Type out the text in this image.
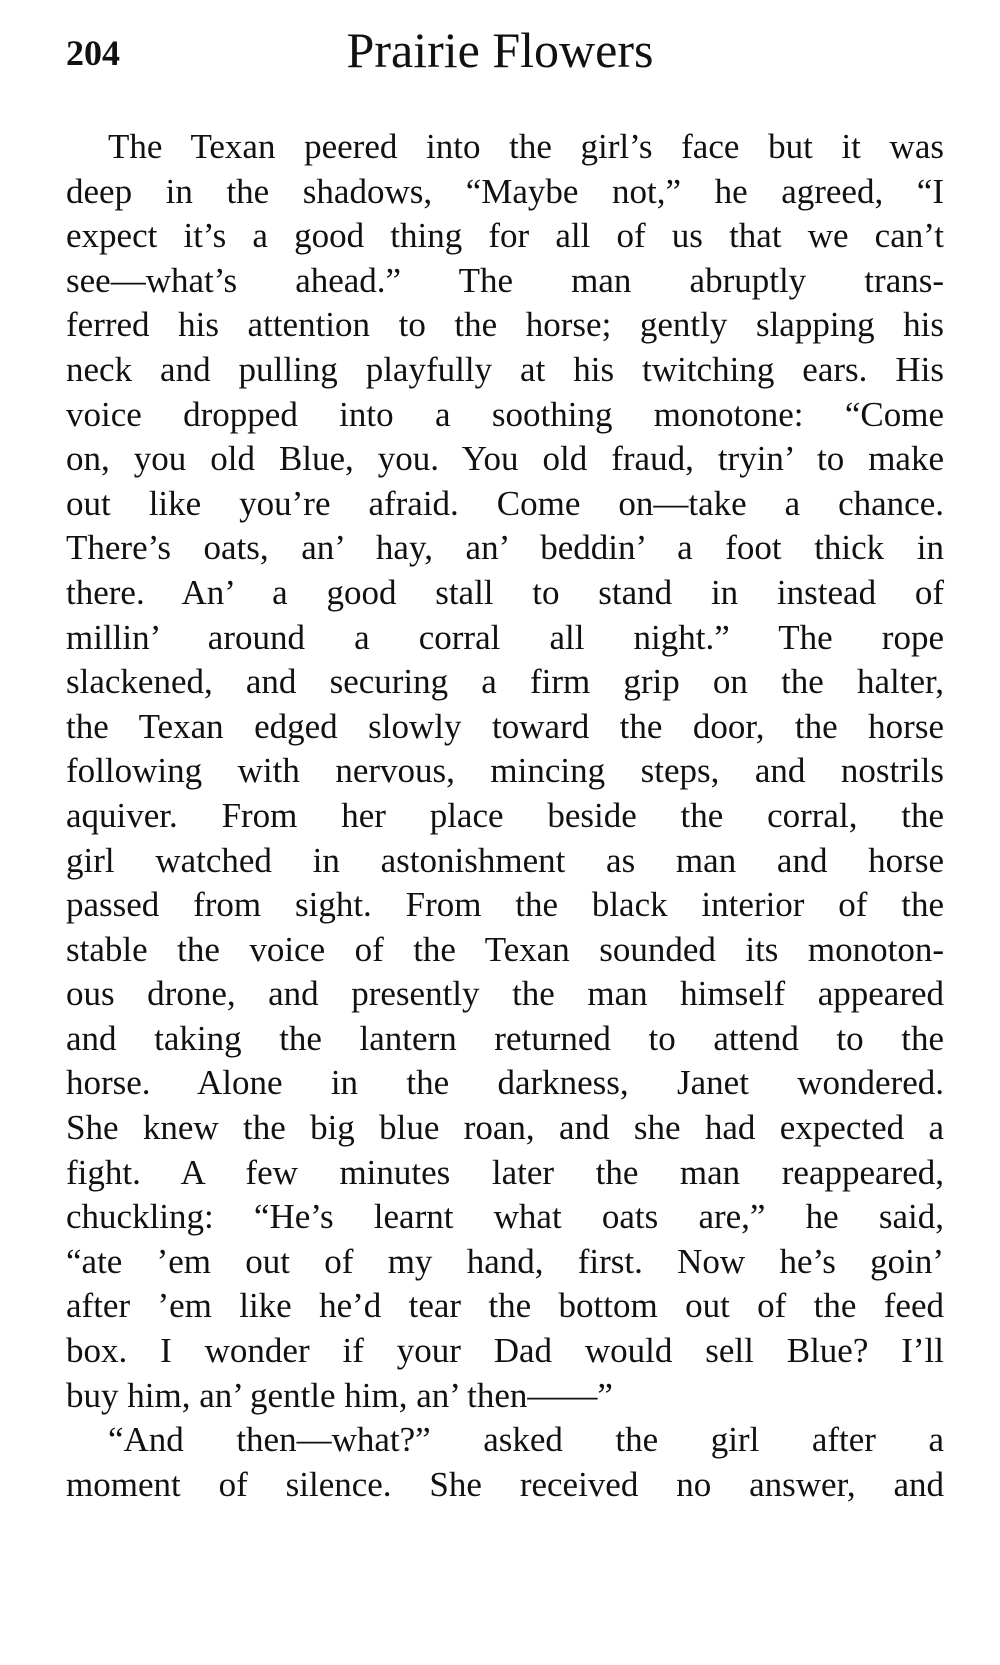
204	Prairie Flowers
The Texan peered into the girl’s face but it was
deep in the shadows, “Maybe not,” he agreed, “I
expect it’s a good thing for all of us that we can’t
see—what’s ahead.” The man abruptly trans-
ferred his attention to the horse; gently slapping his
neck and pulling playfully at his twitching ears. His
voice dropped into a soothing monotone: “Come
on, you old Blue, you. You old fraud, tryin’ to make
out like you’re afraid. Come on—take a chance.
There’s oats, an’ hay, an’ beddin’ a foot thick in
there. An’ a good stall to stand in instead of
millin’ around a corral all night.” The rope
slackened, and securing a firm grip on the halter,
the Texan edged slowly toward the door, the horse
following with nervous, mincing steps, and nostrils
aquiver. From her place beside the corral, the
girl watched in astonishment as man and horse
passed from sight. From the black interior of the
stable the voice of the Texan sounded its monoton-
ous drone, and presently the man himself appeared
and taking the lantern returned to attend to the
horse. Alone in the darkness, Janet wondered.
She knew the big blue roan, and she had expected a
fight. A few minutes later the man reappeared,
chuckling: “He’s learnt what oats are,” he said,
“ate ’em out of my hand, first. Now he’s goin’
after ’em like he’d tear the bottom out of the feed
box. I wonder if your Dad would sell Blue? I’ll
buy him, an’ gentle him, an’ then——”
“And then—what?” asked the girl after a
moment of silence. She received no answer, and
